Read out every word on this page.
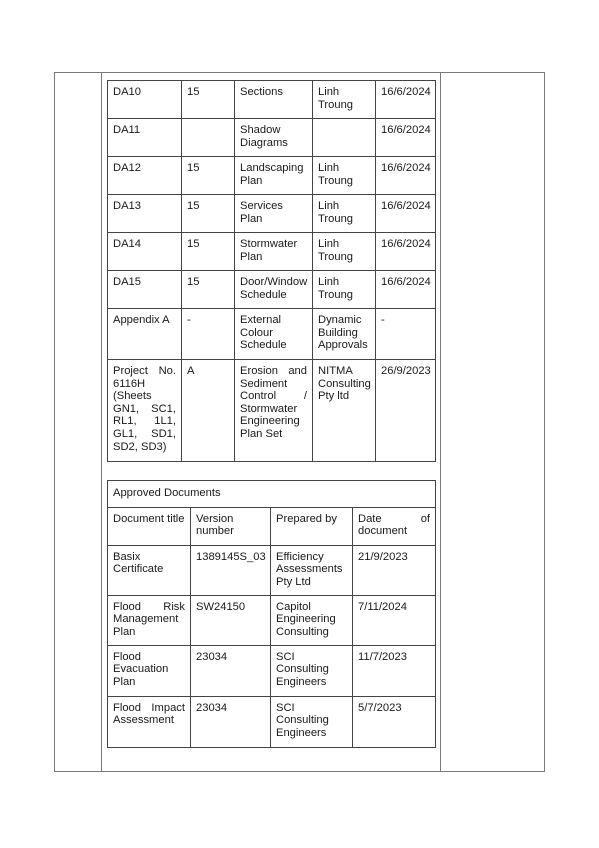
DA10	15	Sections	Linh Troung	16/6/2024
DA11		Shadow Diagrams		16/6/2024
DA12	15	Landscaping Plan	Linh Troung	16/6/2024
DA13	15	Services Plan	Linh Troung	16/6/2024
DA14	15	Stormwater Plan	Linh Troung	16/6/2024
DA15	15	Door/Window Schedule	Linh Troung	16/6/2024
Appendix A	-	External Colour Schedule	Dynamic Building Approvals	-
Project No. 6116H (Sheets GN1, SC1, RL1, 1L1, GL1, SD1, SD2, SD3)	A	Erosion and Sediment Control / Stormwater Engineering Plan Set	NITMA Consulting Pty ltd	26/9/2023
Approved Documents			
Document title	Version number	Prepared by	Date of document
Basix Certificate	1389145S_03	Efficiency Assessments Pty Ltd	21/9/2023
Flood Risk Management Plan	SW24150	Capitol Engineering Consulting	7/11/2024
Flood Evacuation Plan	23034	SCI Consulting Engineers	11/7/2023
Flood Impact Assessment	23034	SCI Consulting Engineers	5/7/2023
